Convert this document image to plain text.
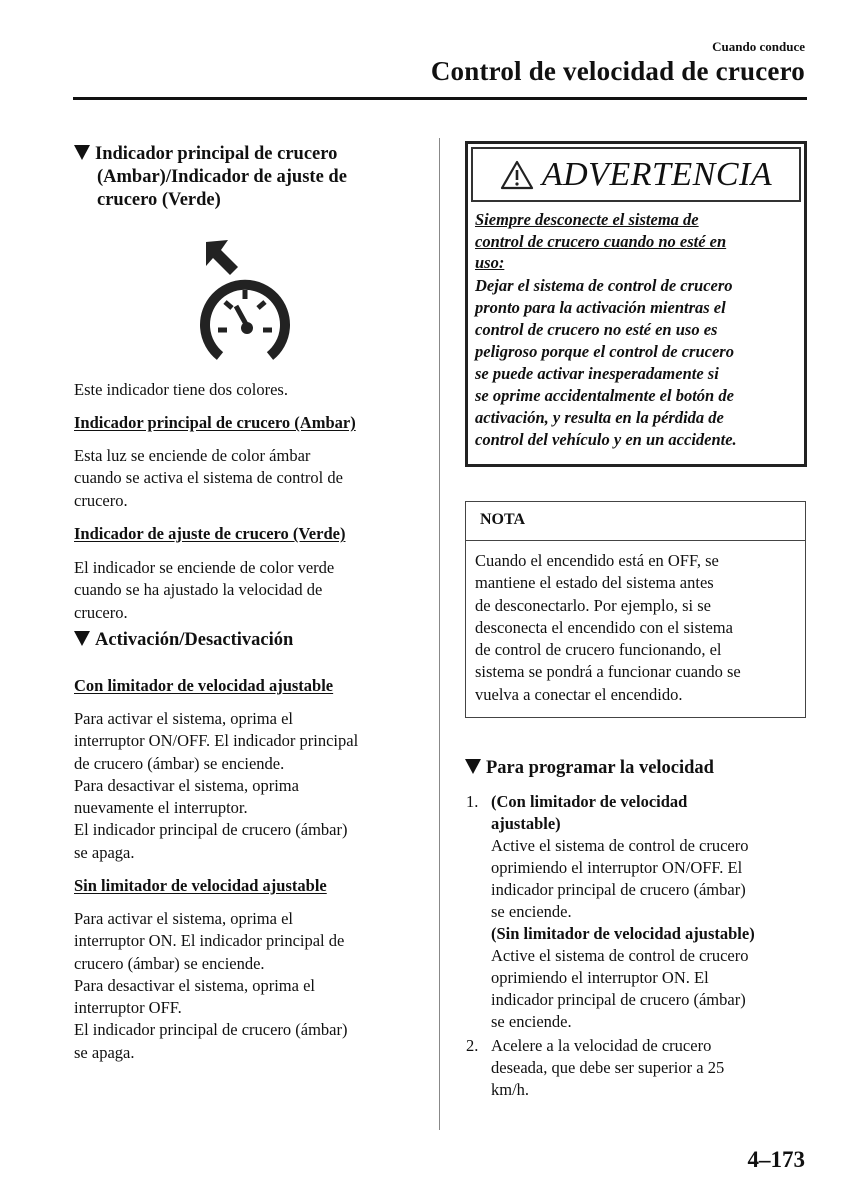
Cuando conduce
Control de velocidad de crucero
Indicador principal de crucero
(Ambar)/Indicador de ajuste de
crucero (Verde)
Este indicador tiene dos colores.
Indicador principal de crucero (Ambar)
Esta luz se enciende de color ámbar
cuando se activa el sistema de control de
crucero.
Indicador de ajuste de crucero (Verde)
El indicador se enciende de color verde
cuando se ha ajustado la velocidad de
crucero.
Activación/Desactivación
Con limitador de velocidad ajustable
Para activar el sistema, oprima el
interruptor ON/OFF. El indicador principal
de crucero (ámbar) se enciende.
Para desactivar el sistema, oprima
nuevamente el interruptor.
El indicador principal de crucero (ámbar)
se apaga.
Sin limitador de velocidad ajustable
Para activar el sistema, oprima el
interruptor ON. El indicador principal de
crucero (ámbar) se enciende.
Para desactivar el sistema, oprima el
interruptor OFF.
El indicador principal de crucero (ámbar)
se apaga.
ADVERTENCIA
Siempre desconecte el sistema de
control de crucero cuando no esté en
uso:
Dejar el sistema de control de crucero
pronto para la activación mientras el
control de crucero no esté en uso es
peligroso porque el control de crucero
se puede activar inesperadamente si
se oprime accidentalmente el botón de
activación, y resulta en la pérdida de
control del vehículo y en un accidente.
NOTA
Cuando el encendido está en OFF, se
mantiene el estado del sistema antes
de desconectarlo. Por ejemplo, si se
desconecta el encendido con el sistema
de control de crucero funcionando, el
sistema se pondrá a funcionar cuando se
vuelva a conectar el encendido.
Para programar la velocidad
1. (Con limitador de velocidad
ajustable)
Active el sistema de control de crucero
oprimiendo el interruptor ON/OFF. El
indicador principal de crucero (ámbar)
se enciende.
(Sin limitador de velocidad ajustable)
Active el sistema de control de crucero
oprimiendo el interruptor ON. El
indicador principal de crucero (ámbar)
se enciende.
2. Acelere a la velocidad de crucero
deseada, que debe ser superior a 25
km/h.
4–173
